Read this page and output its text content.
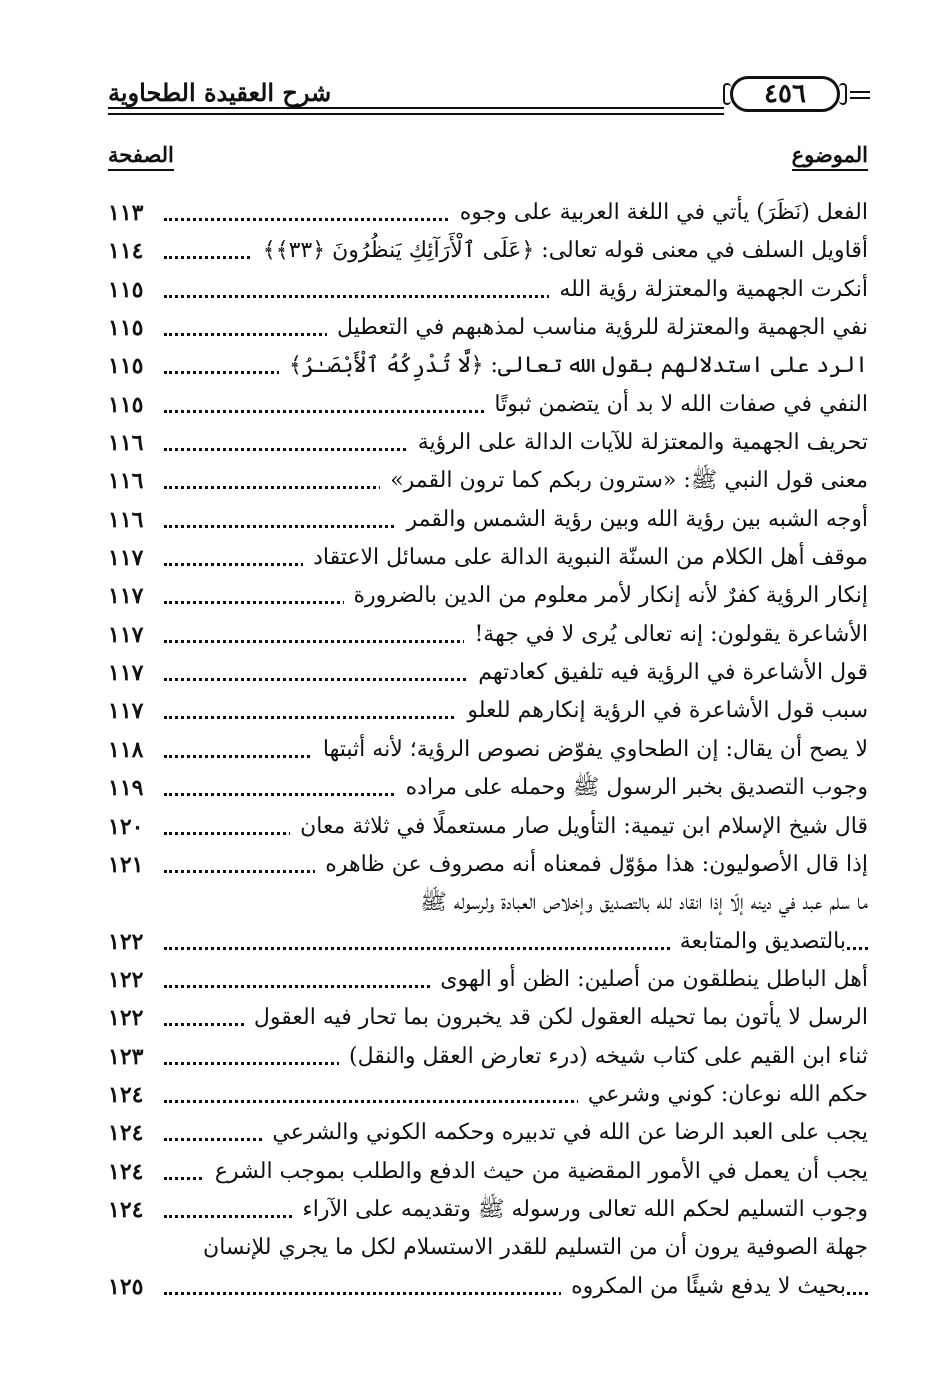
شرح العقيدة الطحاوية	٤٥٦
الموضوع
الصفحة
الفعل (نَظَرَ) يأتي في اللغة العربية على وجوه
١١٣
أقاويل السلف في معنى قوله تعالى: ﴿عَلَى ٱلْأَرَآئِكِ يَنظُرُونَ ﴿٣٣﴾﴾
١١٤
أنكرت الجهمية والمعتزلة رؤية الله
١١٥
نفي الجهمية والمعتزلة للرؤية مناسب لمذهبهم في التعطيل
١١٥
الرد على استدلالهم بقول الله تعالى: ﴿لَّا تُدْرِكُهُ ٱلْأَبْصَـٰرُ﴾
١١٥
النفي في صفات الله لا بد أن يتضمن ثبوتًا
١١٥
تحريف الجهمية والمعتزلة للآيات الدالة على الرؤية
١١٦
معنى قول النبي ﷺ: «سترون ربكم كما ترون القمر»
١١٦
أوجه الشبه بين رؤية الله وبين رؤية الشمس والقمر
١١٦
موقف أهل الكلام من السنّة النبوية الدالة على مسائل الاعتقاد
١١٧
إنكار الرؤية كفرٌ لأنه إنكار لأمر معلوم من الدين بالضرورة
١١٧
الأشاعرة يقولون: إنه تعالى يُرى لا في جهة!
١١٧
قول الأشاعرة في الرؤية فيه تلفيق كعادتهم
١١٧
سبب قول الأشاعرة في الرؤية إنكارهم للعلو
١١٧
لا يصح أن يقال: إن الطحاوي يفوّض نصوص الرؤية؛ لأنه أثبتها
١١٨
وجوب التصديق بخبر الرسول ﷺ وحمله على مراده
١١٩
قال شيخ الإسلام ابن تيمية: التأويل صار مستعملًا في ثلاثة معان
١٢٠
إذا قال الأصوليون: هذا مؤوّل فمعناه أنه مصروف عن ظاهره
١٢١
ما سلم عبد في دينه إلّا إذا انقاد لله بالتصديق وإخلاص العبادة ولرسوله ﷺ
بالتصديق والمتابعة
١٢٢
أهل الباطل ينطلقون من أصلين: الظن أو الهوى
١٢٢
الرسل لا يأتون بما تحيله العقول لكن قد يخبرون بما تحار فيه العقول
١٢٢
ثناء ابن القيم على كتاب شيخه (درء تعارض العقل والنقل)
١٢٣
حكم الله نوعان: كوني وشرعي
١٢٤
يجب على العبد الرضا عن الله في تدبيره وحكمه الكوني والشرعي
١٢٤
يجب أن يعمل في الأمور المقضية من حيث الدفع والطلب بموجب الشرع
١٢٤
وجوب التسليم لحكم الله تعالى ورسوله ﷺ وتقديمه على الآراء
١٢٤
جهلة الصوفية يرون أن من التسليم للقدر الاستسلام لكل ما يجري للإنسان
بحيث لا يدفع شيئًا من المكروه
١٢٥
